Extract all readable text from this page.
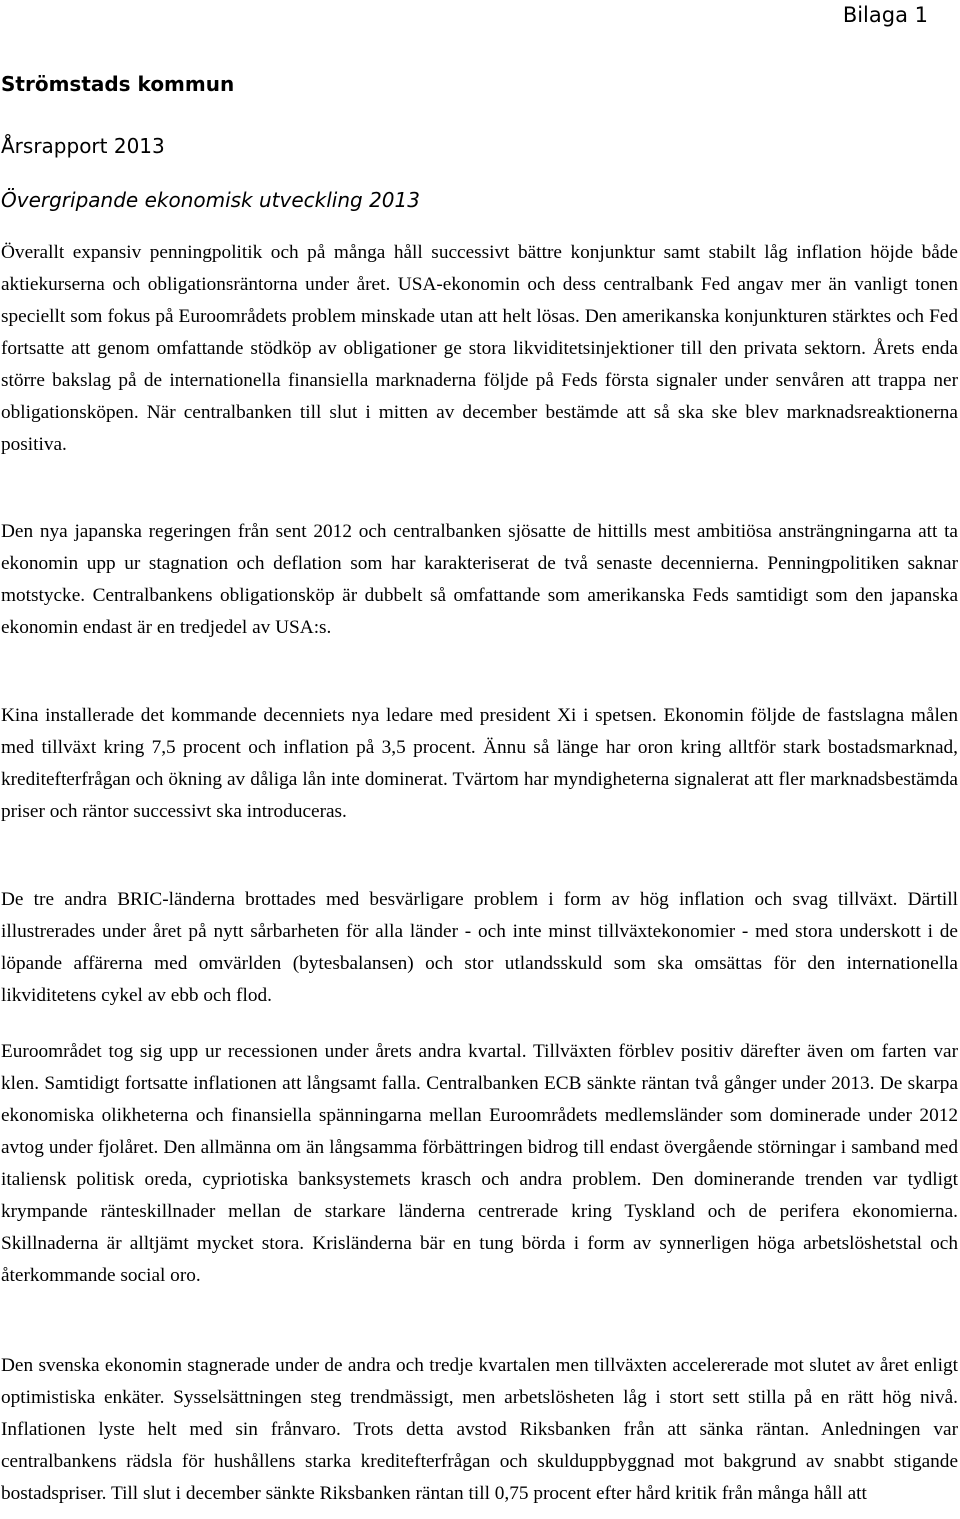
Bilaga 1
Strömstads kommun
Årsrapport 2013
Övergripande ekonomisk utveckling 2013

Överallt expansiv penningpolitik och på många håll successivt bättre konjunktur samt stabilt låg inflation höjde både aktiekurserna och obligationsräntorna under året. USA-ekonomin och dess centralbank Fed angav mer än vanligt tonen speciellt som fokus på Euroområdets problem minskade utan att helt lösas. Den amerikanska konjunkturen stärktes och Fed fortsatte att genom omfattande stödköp av obligationer ge stora likviditetsinjektioner till den privata sektorn. Årets enda större bakslag på de internationella finansiella marknaderna följde på Feds första signaler under senvåren att trappa ner obligationsköpen. När centralbanken till slut i mitten av december bestämde att så ska ske blev marknadsreaktionerna positiva.

Den nya japanska regeringen från sent 2012 och centralbanken sjösatte de hittills mest ambitiösa ansträngningarna att ta ekonomin upp ur stagnation och deflation som har karakteriserat de två senaste decennierna. Penningpolitiken saknar motstycke. Centralbankens obligationsköp är dubbelt så omfattande som amerikanska Feds samtidigt som den japanska ekonomin endast är en tredjedel av USA:s.

Kina installerade det kommande decenniets nya ledare med president Xi i spetsen. Ekonomin följde de fastslagna målen med tillväxt kring 7,5 procent och inflation på 3,5 procent. Ännu så länge har oron kring alltför stark bostadsmarknad, kreditefterfrågan och ökning av dåliga lån inte dominerat. Tvärtom har myndigheterna signalerat att fler marknadsbestämda priser och räntor successivt ska introduceras.

De tre andra BRIC-länderna brottades med besvärligare problem i form av hög inflation och svag tillväxt. Därtill illustrerades under året på nytt sårbarheten för alla länder - och inte minst tillväxtekonomier - med stora underskott i de löpande affärerna med omvärlden (bytesbalansen) och stor utlandsskuld som ska omsättas för den internationella likviditetens cykel av ebb och flod.

Euroområdet tog sig upp ur recessionen under årets andra kvartal. Tillväxten förblev positiv därefter även om farten var klen. Samtidigt fortsatte inflationen att långsamt falla. Centralbanken ECB sänkte räntan två gånger under 2013. De skarpa ekonomiska olikheterna och finansiella spänningarna mellan Euroområdets medlemsländer som dominerade under 2012 avtog under fjolåret. Den allmänna om än långsamma förbättringen bidrog till endast övergående störningar i samband med italiensk politisk oreda, cypriotiska banksystemets krasch och andra problem. Den dominerande trenden var tydligt krympande ränteskillnader mellan de starkare länderna centrerade kring Tyskland och de perifera ekonomierna. Skillnaderna är alltjämt mycket stora. Krisländerna bär en tung börda i form av synnerligen höga arbetslöshetstal och återkommande social oro.

Den svenska ekonomin stagnerade under de andra och tredje kvartalen men tillväxten accelererade mot slutet av året enligt optimistiska enkäter. Sysselsättningen steg trendmässigt, men arbetslösheten låg i stort sett stilla på en rätt hög nivå. Inflationen lyste helt med sin frånvaro. Trots detta avstod Riksbanken från att sänka räntan. Anledningen var centralbankens rädsla för hushållens starka kreditefterfrågan och skulduppbyggnad mot bakgrund av snabbt stigande bostadspriser. Till slut i december sänkte Riksbanken räntan till 0,75 procent efter hård kritik från många håll att
